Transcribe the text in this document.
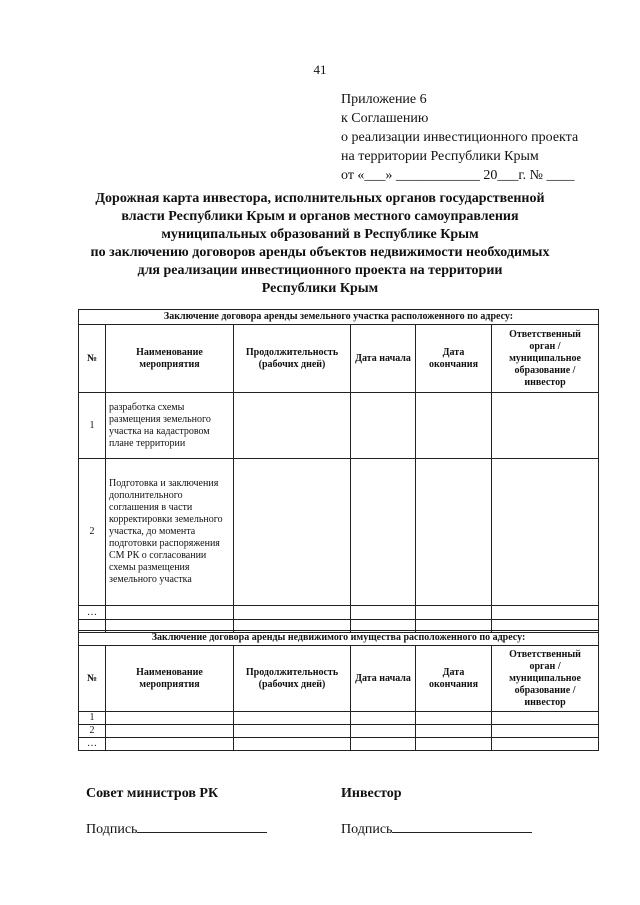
41
Приложение 6
к Соглашению
о реализации инвестиционного проекта
на территории Республики Крым
от «___» ____________ 20___г. № ____
Дорожная карта инвестора, исполнительных органов государственной
власти Республики Крым и органов местного самоуправления
муниципальных образований в Республике Крым
по заключению договоров аренды объектов недвижимости необходимых
для реализации инвестиционного проекта на территории
Республики Крым
Заключение договора аренды земельного участка расположенного по адресу:					
№	Наименование мероприятия	Продолжительность (рабочих дней)	Дата начала	Дата окончания	Ответственный орган / муниципальное образование / инвестор
1	разработка схемы размещения земельного участка на кадастровом плане территории				
2	Подготовка и заключения дополнительного соглашения в части корректировки земельного участка, до момента подготовки распоряжения СМ РК о согласовании схемы размещения земельного участка				
…					

Заключение договора аренды недвижимого имущества расположенного по адресу:					
№	Наименование мероприятия	Продолжительность (рабочих дней)	Дата начала	Дата окончания	Ответственный орган / муниципальное образование / инвестор
1					
2					
…					
Совет министров РК	Инвестор
Подпись	Подпись
